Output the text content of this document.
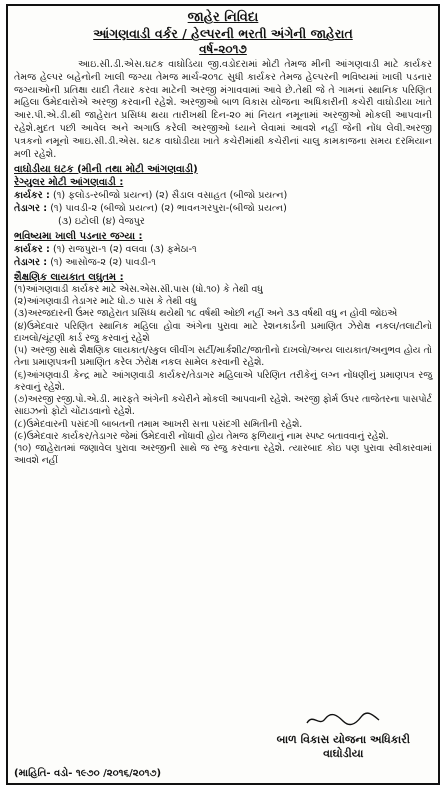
જાહેર નિવિદા
આંગણવાડી વર્કર / હેલ્પરની ભરતી અંગેની જાહેરાત
વર્ષ-૨૦૧૭

આઇ.સી.ડી.એસ.ઘટક વાઘોડિયા જી.વડોદરામાં મોટી તેમજ મીની આંગણવાડી માટે કાર્યકર તેમજ હેલ્પર બહેનોની ખાલી જગ્યા તેમજ માર્ચ-૨૦૧૮ સુધી કાર્યકર તેમજ હેલ્પરની ભવિષ્યમાં ખાલી પડનાર જગ્યાઓની પ્રતિક્ષા યાદી તૈયાર કરવા માટેની અરજી મંગાવવામાં આવે છે.તેથી જે તે ગામનાં સ્થાનિક પરિણિત મહિલા ઉમેદવારોએ અરજી કરવાની રહેશે. અરજીઓ બાળ વિકાસ યોજના અધિકારીની કચેરી વાઘોડીયા ખાતે આર.પી.એ.ડી.થી જાહેરાત પ્રસિધ્ધ થયા તારીખથી દિન-૨૦ માં નિયત નમૂનામાં અરજીઓ મોકલી આપવાની રહેશે.મુદત પછી આવેલ અને અગાઉ કરેલી અરજીઓ ધ્યાને લેવામાં આવશે નહીં જેની નોંધ લેવી.અરજી પત્રકનો નમૂનો આઇ.સી.ડી.એસ. ઘટક વાઘોડીયા ખાતે કચેરીમાંથી કચેરીનાં ચાલુ કામકાજના સમય દરમિયાન મળી રહેશે.

વાઘોડીયા ઘટક (મીની તથા મોટી આંગણવાડી)
રેગ્યુલર મોટી આંગણવાડી :
કાર્યકર : (૧) ફલોડ-રબીજો પ્રયત્ન) (૨) સૈડાલ વસાહત (બીજો પ્રયત્ન)
તેડાગર : (૧) પાવડી-૨ (બીજો પ્રયત્ન) (૨) ભાવનગરપુરા-(બીજો પ્રયત્ન)
(૩) ઇટોલી (૪) વેજપુર
ભવિષ્યમા ખાલી પડનાર જગ્યા :
કાર્યકર : (૧) રાજપુરા-૧ (૨) વલવા (૩) ફમેઠા-૧
તેડાગર : (૧) આસોજ-૨ (૨) પાવડી-૧
શૈક્ષણિક લાયકાત લઘુતમ :
(૧)આંગણવાડી કાર્યકર માટે એસ.એસ.સી.પાસ (ધો.૧૦) કે તેથી વધુ
(૨)આંગણવાડી તેડાગર માટે ધો.૭ પાસ કે તેથી વધુ
(૩)અરજદારની ઉંમર જાહેરાત પ્રસિધ્ધ થયેથી ૧૮ વર્ષથી ઓછી નહીં અને ૩૩ વર્ષથી વધુ ન હોવી જોઇએ
(૪)ઉમેદવાર પરિણિત સ્થાનિક મહિલા હોવા અંગેના પુરાવા માટે રેશનકાર્ડની પ્રમાણિત ઝેરોક્ષ નકલ/તલાટીનો દાખલો/ચૂંટણી કાર્ડ રજુ કરવાનું રહેશે
(૫) અરજી સાથે શૈક્ષણિક લાયકાત/સ્કુલ લીવીંગ સર્ટી/માર્કશીટ/જાતીનો દાખલો/અન્ય લાયકાત/અનુભવ હોય તો તેના પ્રમાણપત્રની પ્રમાણિત કરેલ ઝેરોક્ષ નકલ સામેલ કરવાની રહેશે.
(૬)આંગણવાડી કેન્દ્ર માટે આંગણવાડી કાર્યકર/તેડાગર મહિલાએ પરિણિત તરીકેનું લગ્ન નોંધણીનું પ્રમાણપત્ર રજુ કરવાનું રહેશે.
(૭)અરજી રજી.પો.એ.ડી. મારફતે અંગેની કચેરીને મોકલી આપવાની રહેશે. અરજી ફોર્મ ઉપર તાજેતરના પાસપોર્ટ સાઇઝનો ફોટો ચોંટાડવાનો રહેશે.
(૮)ઉમેદવારની પસંદગી બાબતની તમામ આખરી સત્તા પસંદગી સમિતીની રહેશે.
(૯)ઉમેદવાર કાર્યકર/તેડાગર જેમાં ઉમેદવારી નોંધાવી હોય તેમજ ફળિયાનું નામ સ્પષ્ટ બતાવવાનું રહેશે.
(૧૦) જાહેરાતમાં જણાવેલ પુરાવા અરજીની સાથે જ રજુ કરવાના રહેશે. ત્યારબાદ કોઇ પણ પુરાવા સ્વીકારવામાં આવશે નહીં
બાળ વિકાસ યોજના અધિકારી
વાઘોડીયા
(માહિતિ- વડો- ૧૯૭૦ /૨૦૧૬/૨૦૧૭)
